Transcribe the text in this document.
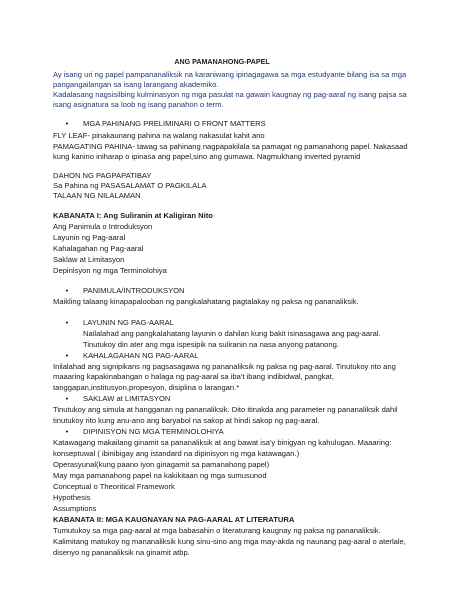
ANG PAMANAHONG-PAPEL
Ay isang uri ng papel pampananaliksik na karaniwang ipinagagawa sa mga estudyante bilang isa sa mga
pangangailangan sa isang larangang akademiko.
Kadalasang nagsisilbing kulminasyon ng mga pasulat na gawain kaugnay ng pag-aaral ng isang pajsa sa
isang asignatura sa loob ng isang panahon o term.
• MGA PAHINANG PRELIMINARI O FRONT MATTERS
FLY LEAF- pinakaunang pahina na walang nakasulat kahit ano
PAMAGATING PAHINA- tawag sa pahinang nagpapakilala sa pamagat ng pamanahong papel. Nakasaad
kung kanino iniharap o ipinasa ang papel,sino ang gumawa. Nagmukhang inverted pyramid
DAHON NG PAGPAPATIBAY
Sa Pahina ng PASASALAMAT O PAGKILALA
TALAAN NG NILALAMAN
KABANATA I: Ang Suliranin at Kaligiran Nito
Ang Panimula o Introduksyon
Layunin ng Pag-aaral
Kahalagahan ng Pag-aaral
Saklaw at Limitasyon
Depinisyon ng mga Terminolohiya
• PANIMULA/INTRODUKSYON
Maikling talaang kinapapalooban ng pangkalahatang pagtalakay ng paksa ng pananaliksik.
• LAYUNIN NG PAG-AARAL
Nailalahad ang pangkalahatang layunin o dahilan kung bakit isinasagawa ang pag-aaral.
Tinutukoy din ater ang mga ispesipik na suliranin na nasa anyong patanong.
• KAHALAGAHAN NG PAG-AARAL
Inilalahad ang signipikans ng pagsasagawa ng pananaliksik ng paksa ng pag-aaral. Tinutukoy rito ang
maaaring kapakinabangan o halaga ng pag-aaral sa iba't ibang indibidwal, pangkat,
tanggapan,institusyon,propesyon, disiplina o larangan.*
• SAKLAW at LIMITASYON
Tinutukoy ang simula at hangganan ng pananaliksik. Dito itinakda ang parameter ng pananaliksik dahil
tinutukoy rito kung anu-ano ang baryabol na sakop at hindi sakop ng pag-aaral.
• DIPINISYON NG MGA TERMINOLOHIYA
Katawagang makailang ginamit sa pananaliksik at ang bawat isa'y binigyan ng kahulugan. Maaaring:
konseptuwal ( ibinibigay ang istandard na dipinisyon ng mga katawagan.)
Operasyunal(kung paano iyon ginagamit sa pamanahong papel)
May mga pamanahong papel na kakikitaan ng mga sumusunod
Conceptual o Theoritical Framework
Hypothesis
Assumptions
KABANATA II: MGA KAUGNAYAN NA PAG-AARAL AT LITERATURA
Tumutukoy sa mga pag-aaral at mga babasahin o literaturang kaugnay ng paksa ng pananaliksik.
Kalimitang matukoy ng mananaliksik kung sinu-sino ang mga may-akda ng naunang pag-aaral o aterlale,
disenyo ng pananaliksik na ginamit atbp.
